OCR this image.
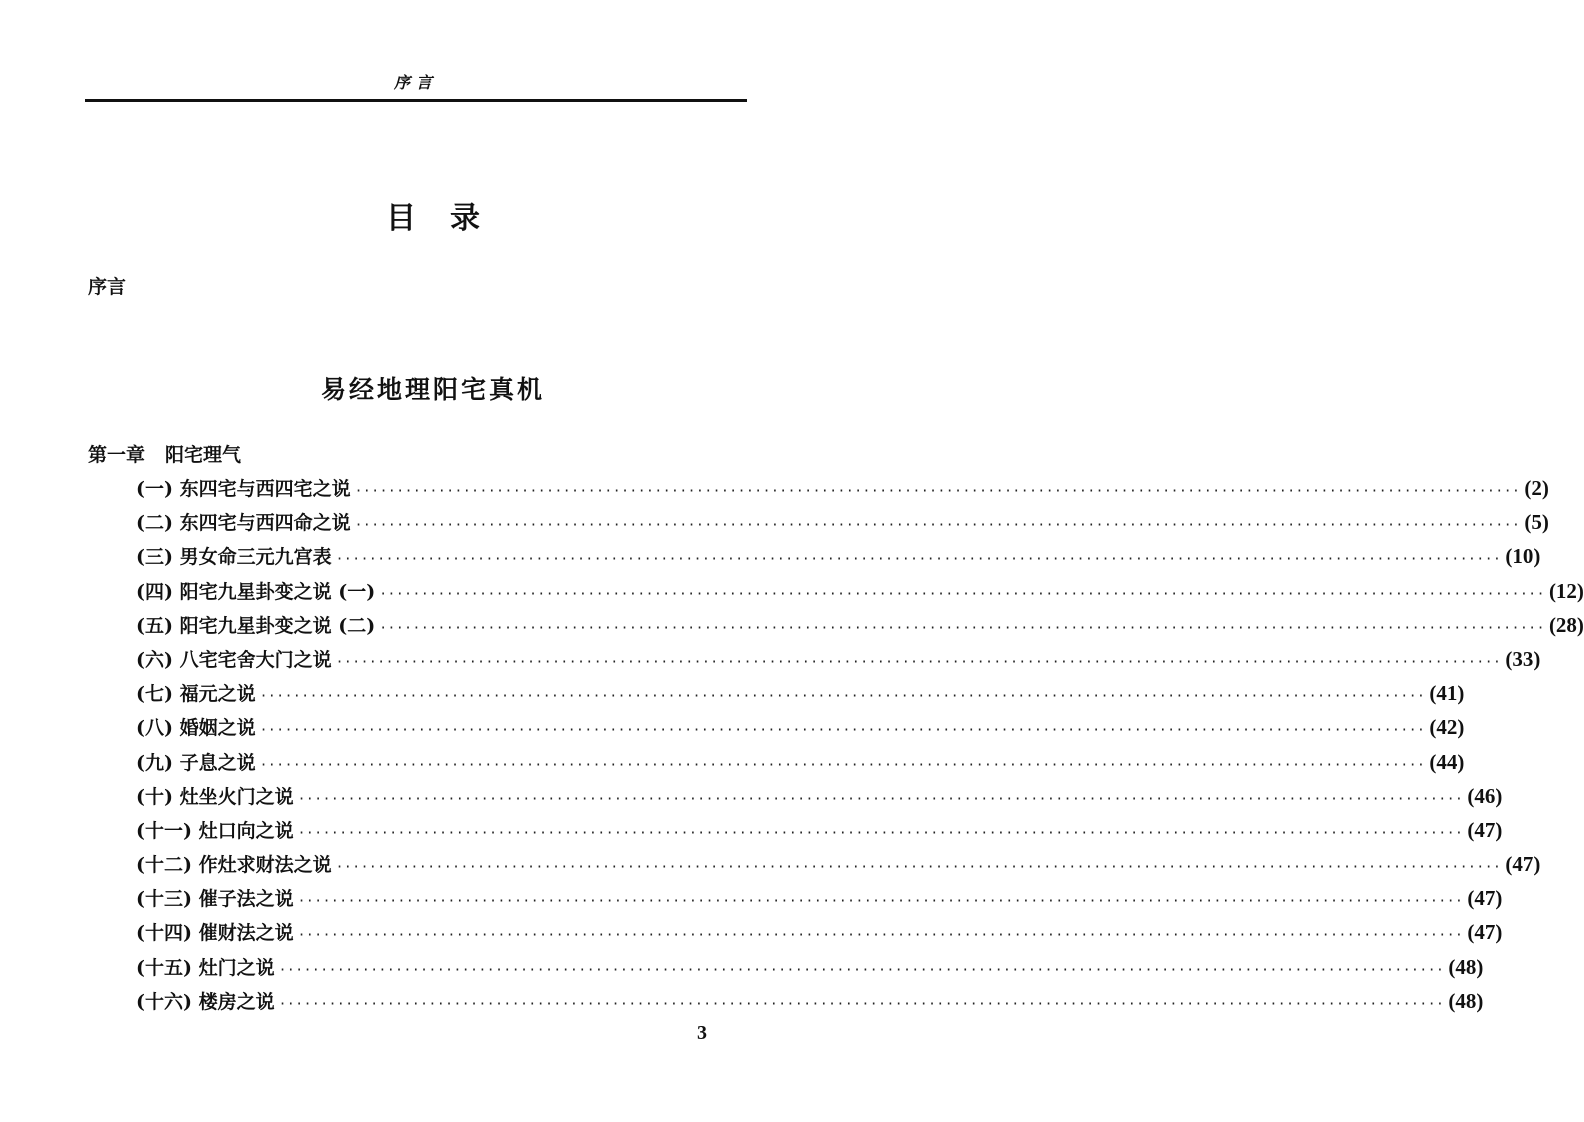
序言
目录
序言
易经地理阳宅真机
第一章 阳宅理气
(一) 东四宅与西四宅之说 ············································································································································ (2)
(二) 东四宅与西四命之说 ············································································································································ (5)
(三) 男女命三元九宫表 ············································································································································ (10)
(四) 阳宅九星卦变之说 (一) ············································································································································ (12)
(五) 阳宅九星卦变之说 (二) ············································································································································ (28)
(六) 八宅宅舍大门之说 ············································································································································ (33)
(七) 福元之说 ············································································································································ (41)
(八) 婚姻之说 ············································································································································ (42)
(九) 子息之说 ············································································································································ (44)
(十) 灶坐火门之说 ············································································································································ (46)
(十一) 灶口向之说 ············································································································································ (47)
(十二) 作灶求财法之说 ············································································································································ (47)
(十三) 催子法之说 ············································································································································ (47)
(十四) 催财法之说 ············································································································································ (47)
(十五) 灶门之说 ············································································································································ (48)
(十六) 楼房之说 ············································································································································ (48)
3
